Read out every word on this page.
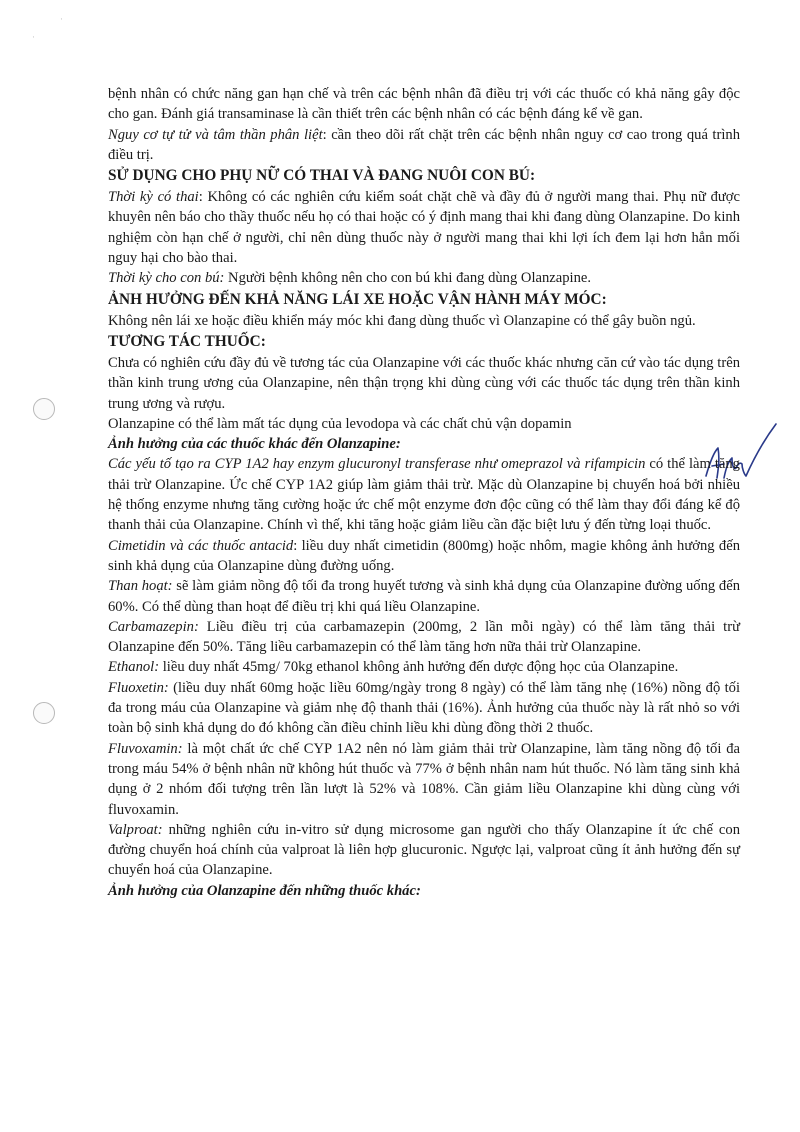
·
·

bệnh nhân có chức năng gan hạn chế và trên các bệnh nhân đã điều trị với các thuốc có khả năng gây độc cho gan. Đánh giá transaminase là cần thiết trên các bệnh nhân có các bệnh đáng kể về gan.

Nguy cơ tự tử và tâm thần phân liệt: cần theo dõi rất chặt trên các bệnh nhân nguy cơ cao trong quá trình điều trị.

SỬ DỤNG CHO PHỤ NỮ CÓ THAI VÀ ĐANG NUÔI CON BÚ:

Thời kỳ có thai: Không có các nghiên cứu kiểm soát chặt chẽ và đầy đủ ở người mang thai. Phụ nữ được khuyên nên báo cho thầy thuốc nếu họ có thai hoặc có ý định mang thai khi đang dùng Olanzapine. Do kinh nghiệm còn hạn chế ở người, chỉ nên dùng thuốc này ở người mang thai khi lợi ích đem lại hơn hẳn mối nguy hại cho bào thai.

Thời kỳ cho con bú: Người bệnh không nên cho con bú khi đang dùng Olanzapine.

ẢNH HƯỞNG ĐẾN KHẢ NĂNG LÁI XE HOẶC VẬN HÀNH MÁY MÓC:

Không nên lái xe hoặc điều khiển máy móc khi đang dùng thuốc vì Olanzapine có thể gây buồn ngủ.

TƯƠNG TÁC THUỐC:

Chưa có nghiên cứu đầy đủ về tương tác của Olanzapine với các thuốc khác nhưng căn cứ vào tác dụng trên thần kinh trung ương của Olanzapine, nên thận trọng khi dùng cùng với các thuốc tác dụng trên thần kinh trung ương và rượu.

Olanzapine có thể làm mất tác dụng của levodopa và các chất chủ vận dopamin

Ảnh hưởng của các thuốc khác đến Olanzapine:

Các yếu tố tạo ra CYP 1A2 hay enzym glucuronyl transferase như omeprazol và rifampicin có thể làm tăng thải trừ Olanzapine. Ức chế CYP 1A2 giúp làm giảm thải trừ. Mặc dù Olanzapine bị chuyển hoá bởi nhiều hệ thống enzyme nhưng tăng cường hoặc ức chế một enzyme đơn độc cũng có thể làm thay đổi đáng kể độ thanh thải của Olanzapine. Chính vì thế, khi tăng hoặc giảm liều cần đặc biệt lưu ý đến từng loại thuốc.

Cimetidin và các thuốc antacid: liều duy nhất cimetidin (800mg) hoặc nhôm, magie không ảnh hưởng đến sinh khả dụng của Olanzapine dùng đường uống.

Than hoạt: sẽ làm giảm nồng độ tối đa trong huyết tương và sinh khả dụng của Olanzapine đường uống đến 60%. Có thể dùng than hoạt để điều trị khi quá liều Olanzapine.

Carbamazepin: Liều điều trị của carbamazepin (200mg, 2 lần mỗi ngày) có thể làm tăng thải trừ Olanzapine đến 50%. Tăng liều carbamazepin có thể làm tăng hơn nữa thải trừ Olanzapine.

Ethanol: liều duy nhất 45mg/ 70kg ethanol không ảnh hưởng đến dược động học của Olanzapine.

Fluoxetin: (liều duy nhất 60mg hoặc liều 60mg/ngày trong 8 ngày) có thể làm tăng nhẹ (16%) nồng độ tối đa trong máu của Olanzapine và giảm nhẹ độ thanh thải (16%). Ảnh hưởng của thuốc này là rất nhỏ so với toàn bộ sinh khả dụng do đó không cần điều chỉnh liều khi dùng đồng thời 2 thuốc.

Fluvoxamin: là một chất ức chế CYP 1A2 nên nó làm giảm thải trừ Olanzapine, làm tăng nồng độ tối đa trong máu 54% ở bệnh nhân nữ không hút thuốc và 77% ở bệnh nhân nam hút thuốc. Nó làm tăng sinh khả dụng ở 2 nhóm đối tượng trên lần lượt là 52% và 108%. Cần giảm liều Olanzapine khi dùng cùng với fluvoxamin.

Valproat: những nghiên cứu in-vitro sử dụng microsome gan người cho thấy Olanzapine ít ức chế con đường chuyển hoá chính của valproat là liên hợp glucuronic. Ngược lại, valproat cũng ít ảnh hưởng đến sự chuyển hoá của Olanzapine.

Ảnh hưởng của Olanzapine đến những thuốc khác:
